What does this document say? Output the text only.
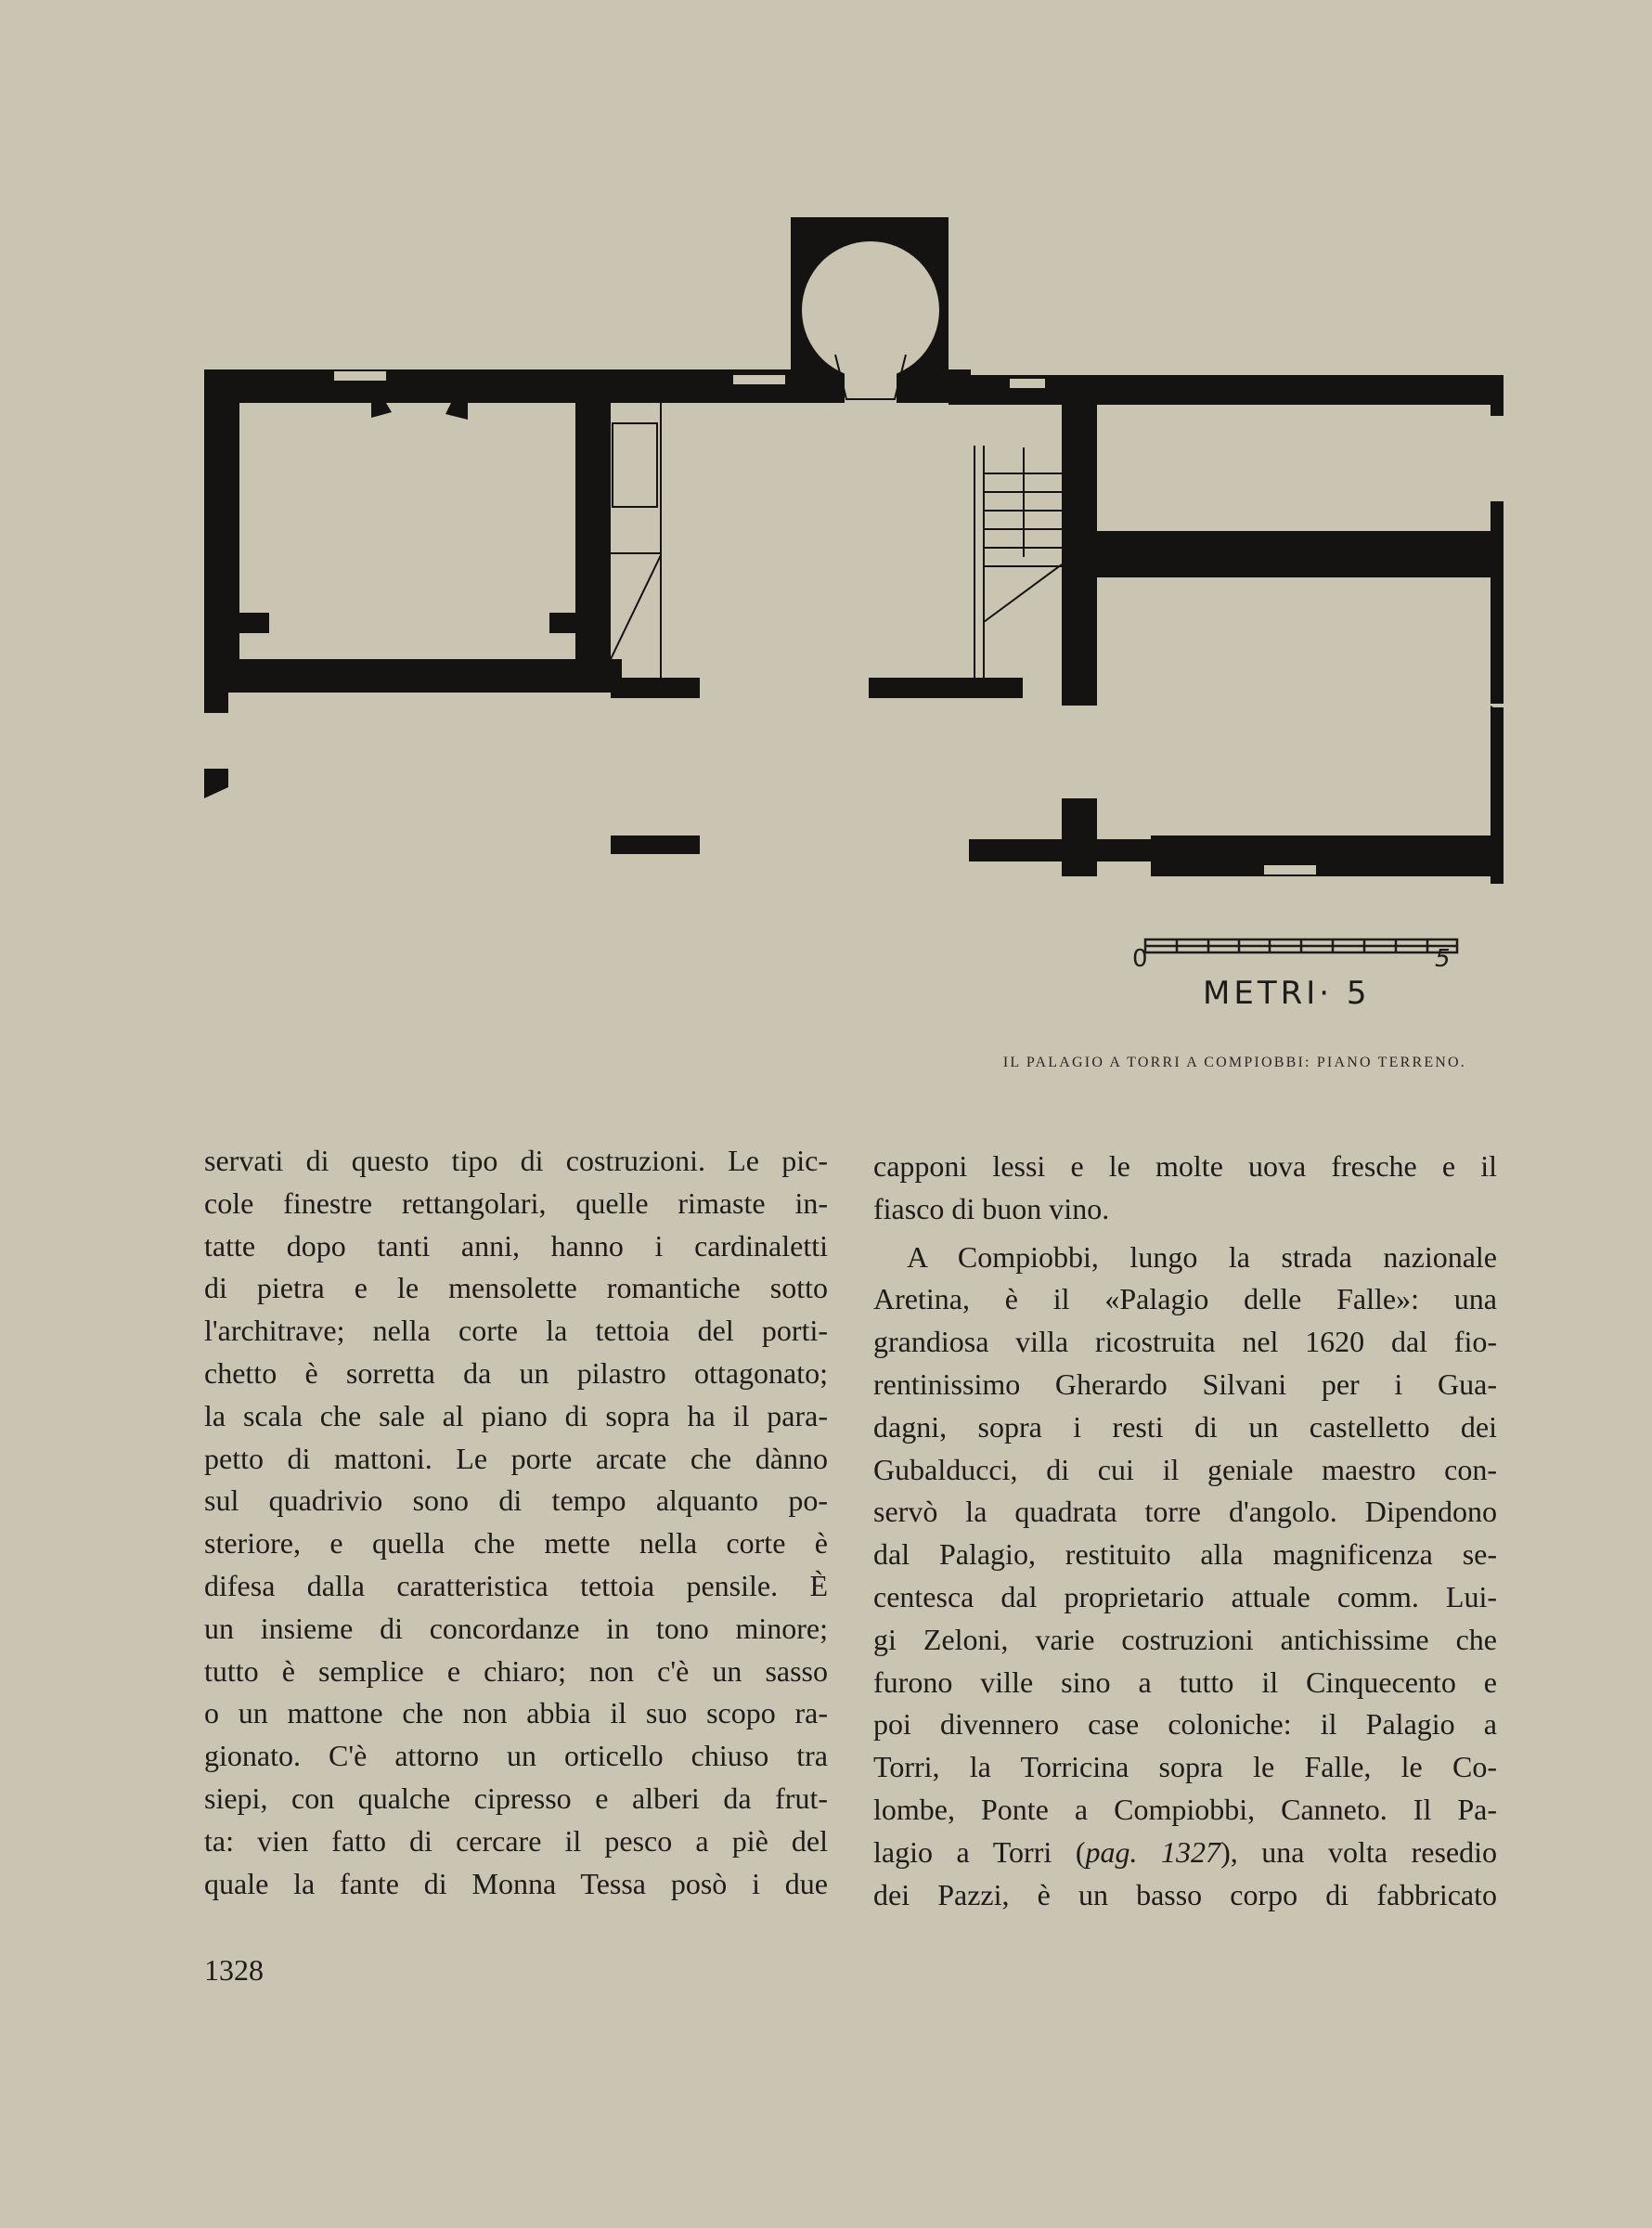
0	5
METRI· 5
IL PALAGIO A TORRI A COMPIOBBI: PIANO TERRENO.
servati di questo tipo di costruzioni. Le pic-
cole finestre rettangolari, quelle rimaste in-
tatte dopo tanti anni, hanno i cardinaletti
di pietra e le mensolette romantiche sotto
l'architrave; nella corte la tettoia del porti-
chetto è sorretta da un pilastro ottagonato;
la scala che sale al piano di sopra ha il para-
petto di mattoni. Le porte arcate che dànno
sul quadrivio sono di tempo alquanto po-
steriore, e quella che mette nella corte è
difesa dalla caratteristica tettoia pensile. È
un insieme di concordanze in tono minore;
tutto è semplice e chiaro; non c'è un sasso
o un mattone che non abbia il suo scopo ra-
gionato. C'è attorno un orticello chiuso tra
siepi, con qualche cipresso e alberi da frut-
ta: vien fatto di cercare il pesco a piè del
quale la fante di Monna Tessa posò i due
capponi lessi e le molte uova fresche e il
fiasco di buon vino.
A Compiobbi, lungo la strada nazionale
Aretina, è il «Palagio delle Falle»: una
grandiosa villa ricostruita nel 1620 dal fio-
rentinissimo Gherardo Silvani per i Gua-
dagni, sopra i resti di un castelletto dei
Gubalducci, di cui il geniale maestro con-
servò la quadrata torre d'angolo. Dipendono
dal Palagio, restituito alla magnificenza se-
centesca dal proprietario attuale comm. Lui-
gi Zeloni, varie costruzioni antichissime che
furono ville sino a tutto il Cinquecento e
poi divennero case coloniche: il Palagio a
Torri, la Torricina sopra le Falle, le Co-
lombe, Ponte a Compiobbi, Canneto. Il Pa-
lagio a Torri (pag. 1327), una volta resedio
dei Pazzi, è un basso corpo di fabbricato
1328
